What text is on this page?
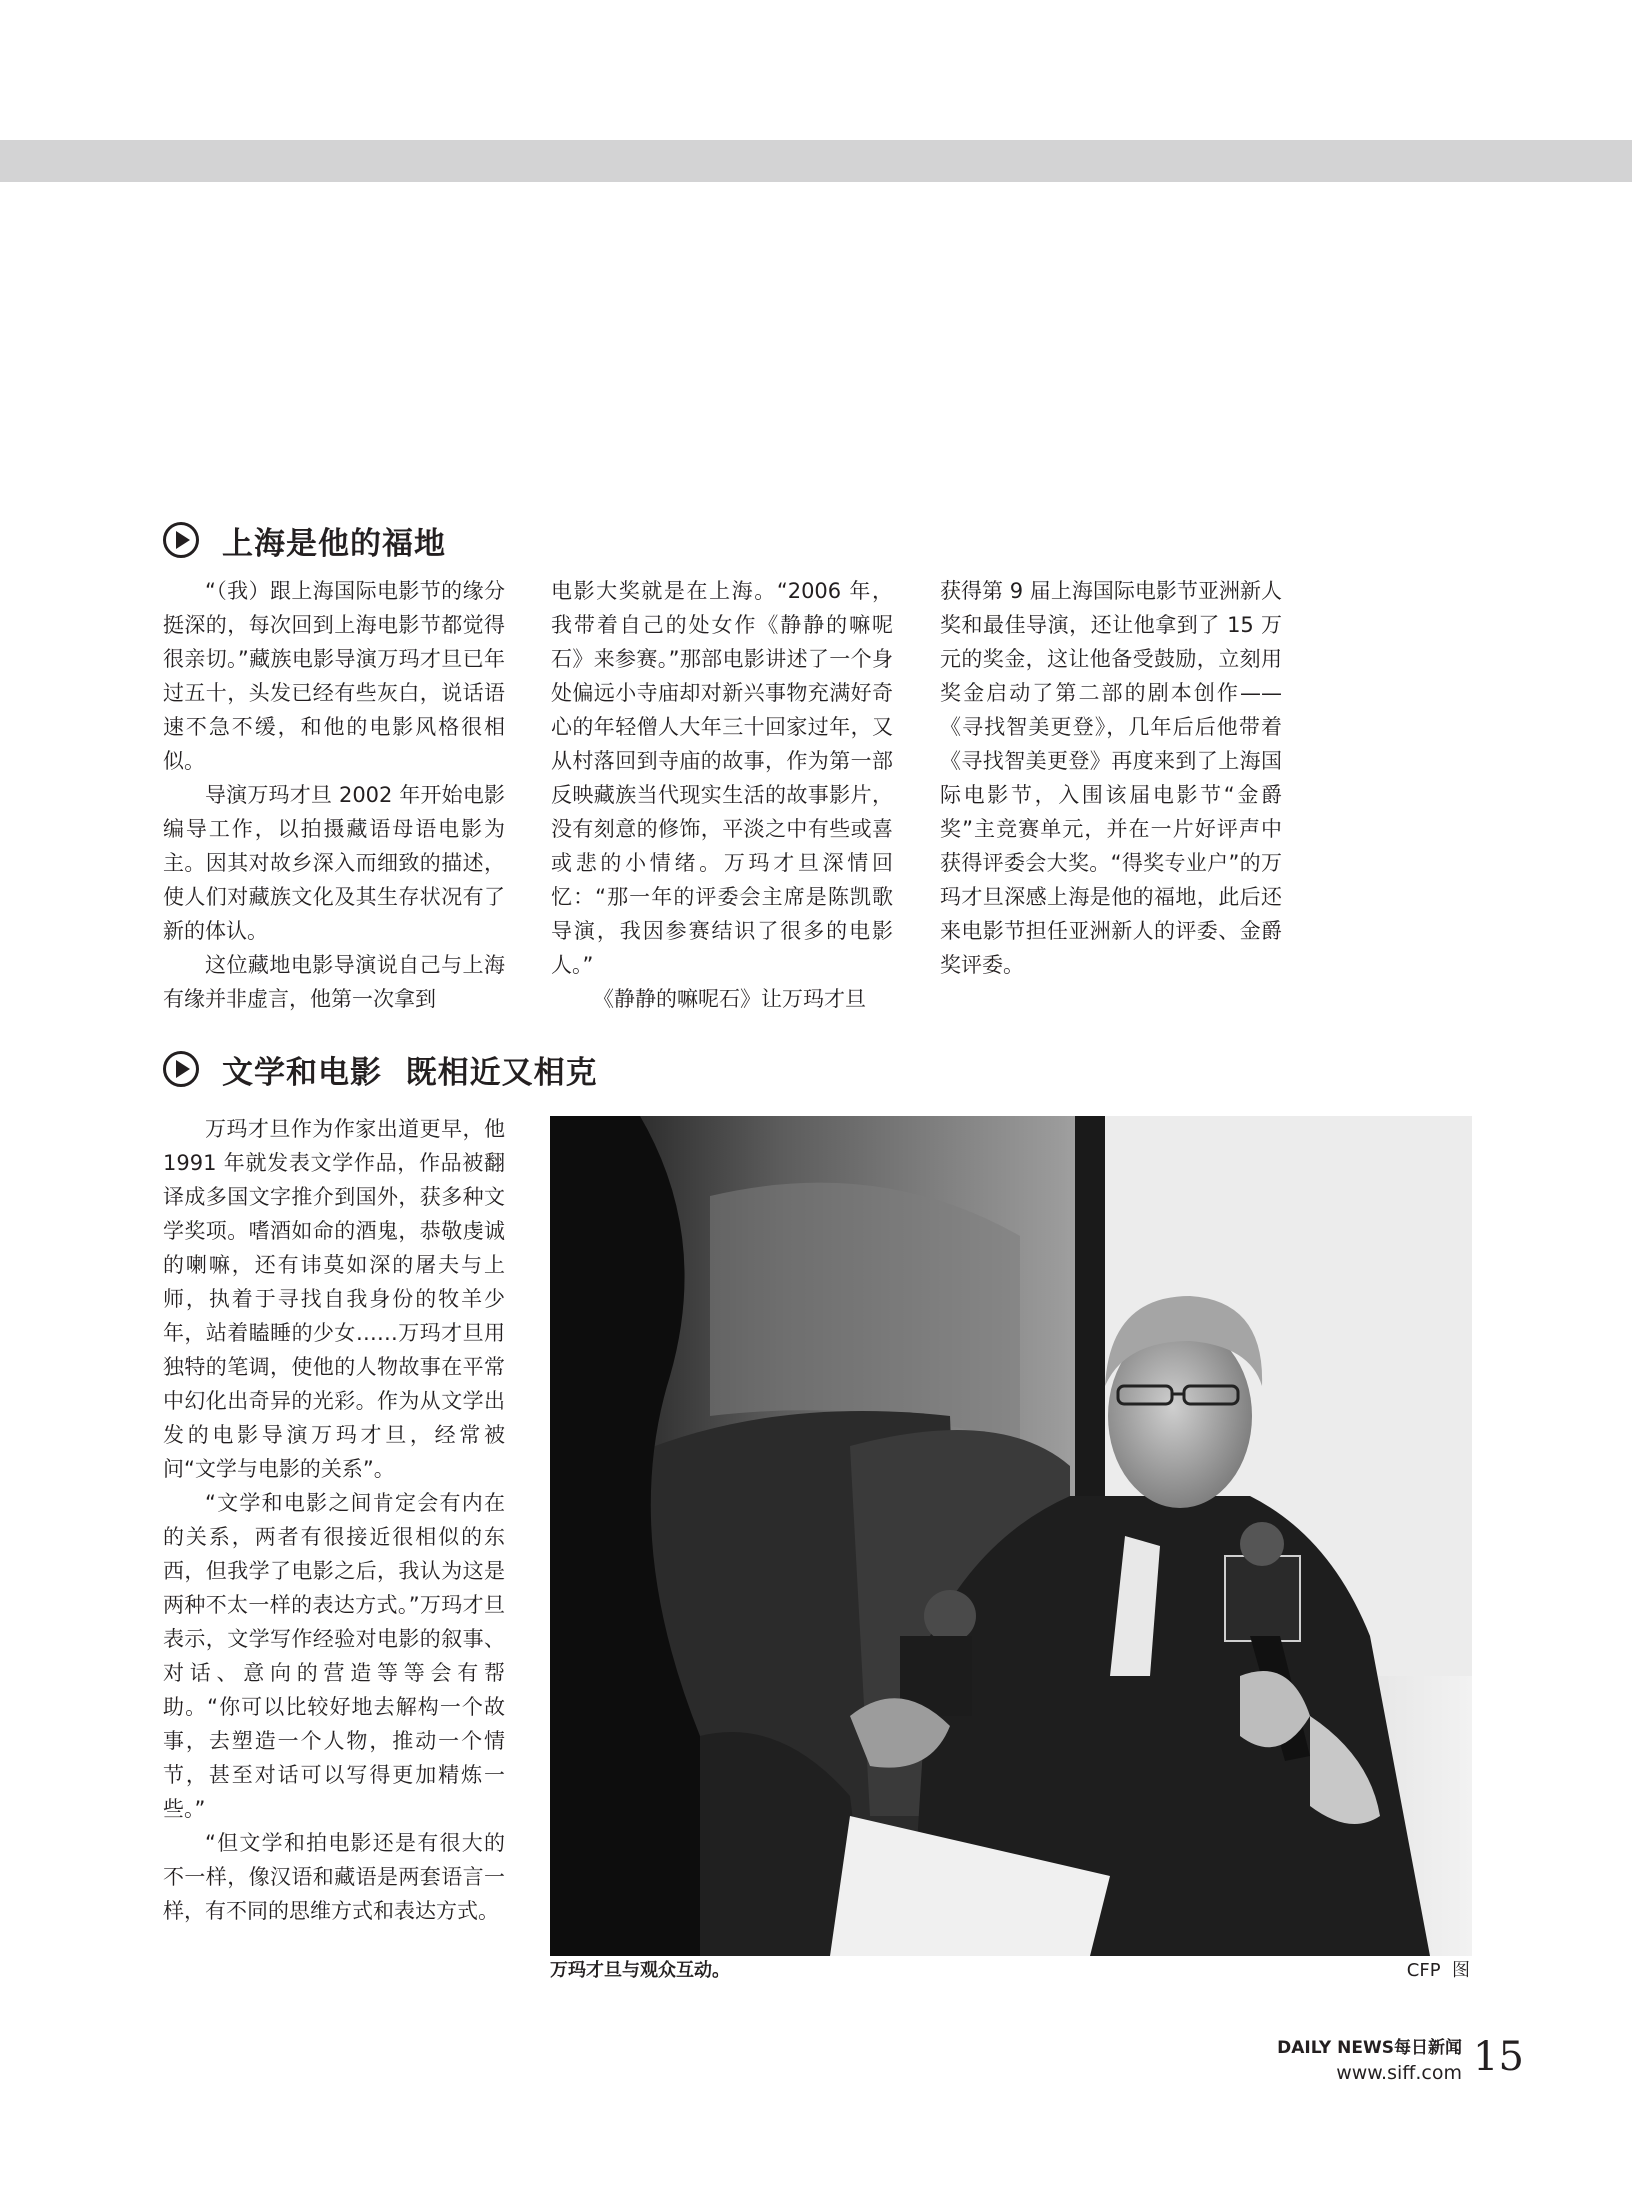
上海是他的福地

“（我）跟上海国际电影节的缘分挺深的，每次回到上海电影节都觉得很亲切。”藏族电影导演万玛才旦已年过五十，头发已经有些灰白，说话语速不急不缓，和他的电影风格很相似。

导演万玛才旦 2002 年开始电影编导工作，以拍摄藏语母语电影为主。因其对故乡深入而细致的描述，使人们对藏族文化及其生存状况有了新的体认。

这位藏地电影导演说自己与上海有缘并非虚言，他第一次拿到

电影大奖就是在上海。“2006 年，我带着自己的处女作《静静的嘛呢石》来参赛。”那部电影讲述了一个身处偏远小寺庙却对新兴事物充满好奇心的年轻僧人大年三十回家过年，又从村落回到寺庙的故事，作为第一部反映藏族当代现实生活的故事影片，没有刻意的修饰，平淡之中有些或喜或悲的小情绪。万玛才旦深情回忆：“那一年的评委会主席是陈凯歌导演，我因参赛结识了很多的电影人。”

《静静的嘛呢石》让万玛才旦

获得第 9 届上海国际电影节亚洲新人奖和最佳导演，还让他拿到了 15 万元的奖金，这让他备受鼓励，立刻用奖金启动了第二部的剧本创作——《寻找智美更登》，几年后后他带着《寻找智美更登》再度来到了上海国际电影节，入围该届电影节“金爵奖”主竞赛单元，并在一片好评声中获得评委会大奖。“得奖专业户”的万玛才旦深感上海是他的福地，此后还来电影节担任亚洲新人的评委、金爵奖评委。

文学和电影  既相近又相克

万玛才旦作为作家出道更早，他 1991 年就发表文学作品，作品被翻译成多国文字推介到国外，获多种文学奖项。嗜酒如命的酒鬼，恭敬虔诚的喇嘛，还有讳莫如深的屠夫与上师，执着于寻找自我身份的牧羊少年，站着瞌睡的少女……万玛才旦用独特的笔调，使他的人物故事在平常中幻化出奇异的光彩。作为从文学出发的电影导演万玛才旦，经常被问“文学与电影的关系”。

“文学和电影之间肯定会有内在的关系，两者有很接近很相似的东西，但我学了电影之后，我认为这是两种不太一样的表达方式。”万玛才旦表示，文学写作经验对电影的叙事、对话、意向的营造等等会有帮助。“你可以比较好地去解构一个故事，去塑造一个人物，推动一个情节，甚至对话可以写得更加精炼一些。”

“但文学和拍电影还是有很大的不一样，像汉语和藏语是两套语言一样，有不同的思维方式和表达方式。

万玛才旦与观众互动。	CFP  图
DAILY NEWS每日新闻
www.siff.com 15
